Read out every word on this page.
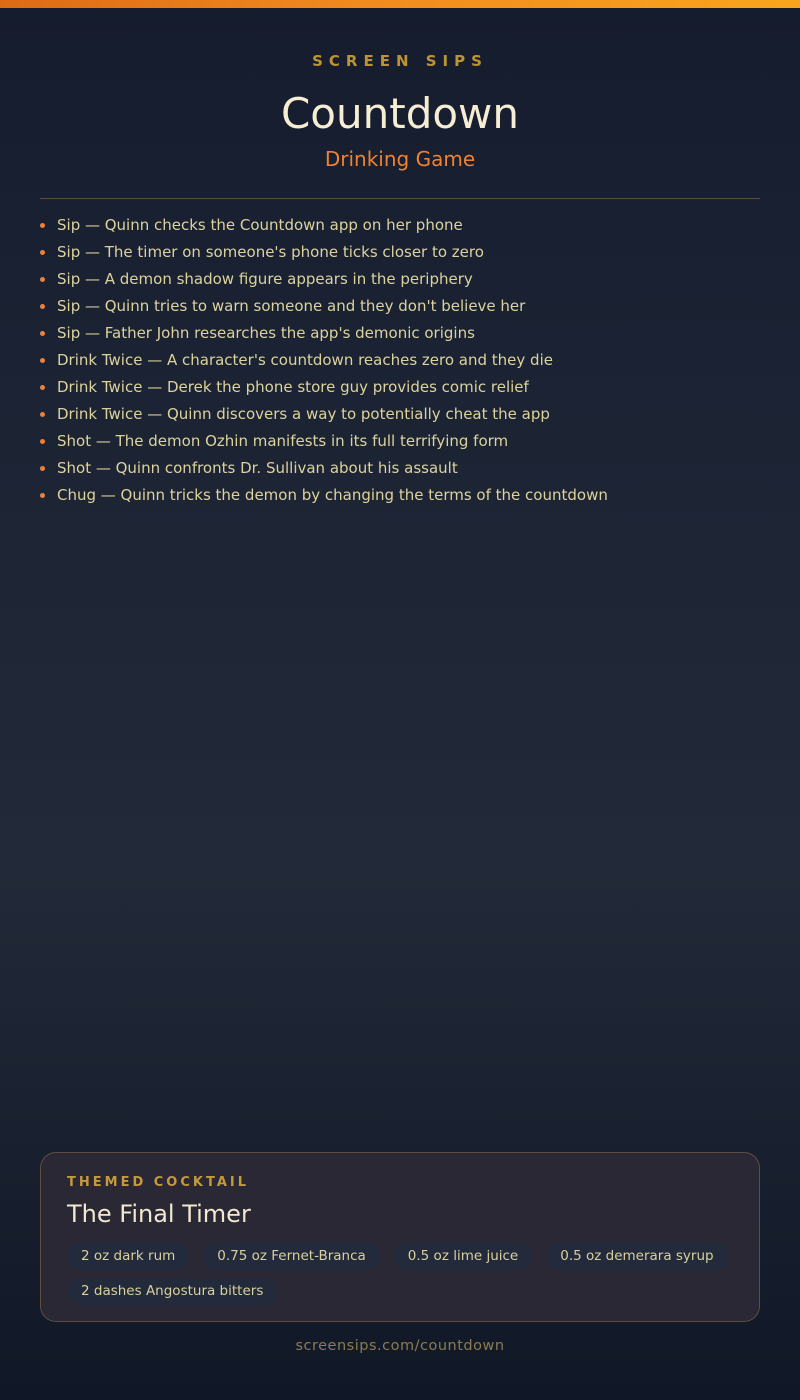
SCREEN SIPS
Countdown
Drinking Game
Sip — Quinn checks the Countdown app on her phone
Sip — The timer on someone's phone ticks closer to zero
Sip — A demon shadow figure appears in the periphery
Sip — Quinn tries to warn someone and they don't believe her
Sip — Father John researches the app's demonic origins
Drink Twice — A character's countdown reaches zero and they die
Drink Twice — Derek the phone store guy provides comic relief
Drink Twice — Quinn discovers a way to potentially cheat the app
Shot — The demon Ozhin manifests in its full terrifying form
Shot — Quinn confronts Dr. Sullivan about his assault
Chug — Quinn tricks the demon by changing the terms of the countdown
THEMED COCKTAIL
The Final Timer
2 oz dark rum	0.75 oz Fernet-Branca	0.5 oz lime juice	0.5 oz demerara syrup
2 dashes Angostura bitters
screensips.com/countdown
